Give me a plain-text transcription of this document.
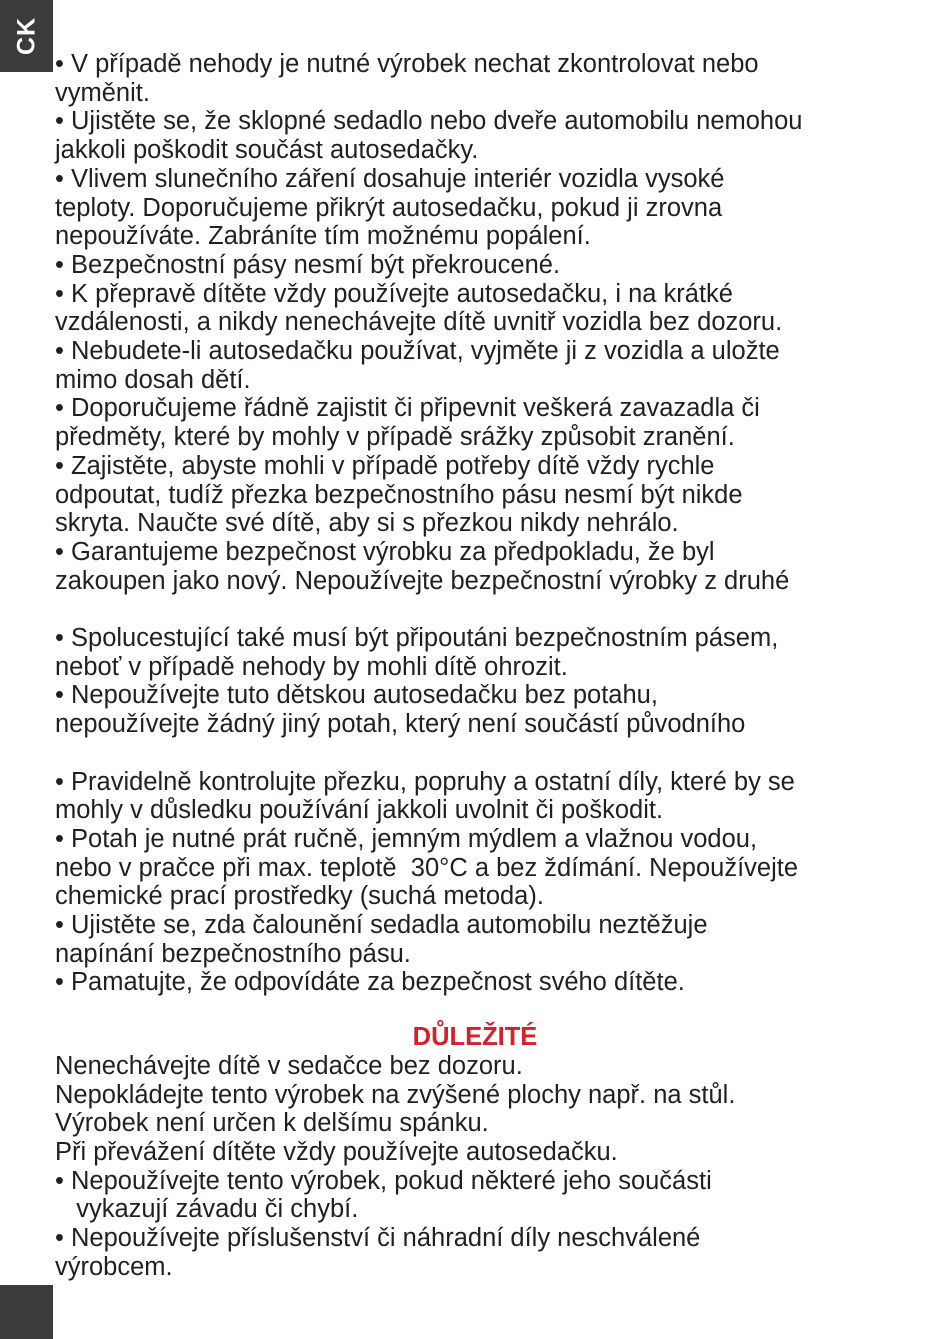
CK

• V případě nehody je nutné výrobek nechat zkontrolovat nebo

vyměnit.

• Ujistěte se, že sklopné sedadlo nebo dveře automobilu nemohou

jakkoli poškodit součást autosedačky.

• Vlivem slunečního záření dosahuje interiér vozidla vysoké

teploty. Doporučujeme přikrýt autosedačku, pokud ji zrovna

nepoužíváte. Zabráníte tím možnému popálení.

• Bezpečnostní pásy nesmí být překroucené.

• K přepravě dítěte vždy používejte autosedačku, i na krátké

vzdálenosti, a nikdy nenechávejte dítě uvnitř vozidla bez dozoru.

• Nebudete-li autosedačku používat, vyjměte ji z vozidla a uložte

mimo dosah dětí.

• Doporučujeme řádně zajistit či připevnit veškerá zavazadla či

předměty, které by mohly v případě srážky způsobit zranění.

• Zajistěte, abyste mohli v případě potřeby dítě vždy rychle

odpoutat, tudíž přezka bezpečnostního pásu nesmí být nikde

skryta. Naučte své dítě, aby si s přezkou nikdy nehrálo.

• Garantujeme bezpečnost výrobku za předpokladu, že byl

zakoupen jako nový. Nepoužívejte bezpečnostní výrobky z druhé

• Spolucestující také musí být připoutáni bezpečnostním pásem,

neboť v případě nehody by mohli dítě ohrozit.

• Nepoužívejte tuto dětskou autosedačku bez potahu,

nepoužívejte žádný jiný potah, který není součástí původního

• Pravidelně kontrolujte přezku, popruhy a ostatní díly, které by se

mohly v důsledku používání jakkoli uvolnit či poškodit.

• Potah je nutné prát ručně, jemným mýdlem a vlažnou vodou,

nebo v pračce při max. teplotě  30°C a bez ždímání. Nepoužívejte

chemické prací prostředky (suchá metoda).

• Ujistěte se, zda čalounění sedadla automobilu neztěžuje

napínání bezpečnostního pásu.

• Pamatujte, že odpovídáte za bezpečnost svého dítěte.

DŮLEŽITÉ

Nenechávejte dítě v sedačce bez dozoru.

Nepokládejte tento výrobek na zvýšené plochy např. na stůl.

Výrobek není určen k delšímu spánku.

Při převážení dítěte vždy používejte autosedačku.

• Nepoužívejte tento výrobek, pokud některé jeho součásti

vykazují závadu či chybí.

• Nepoužívejte příslušenství či náhradní díly neschválené

výrobcem.
